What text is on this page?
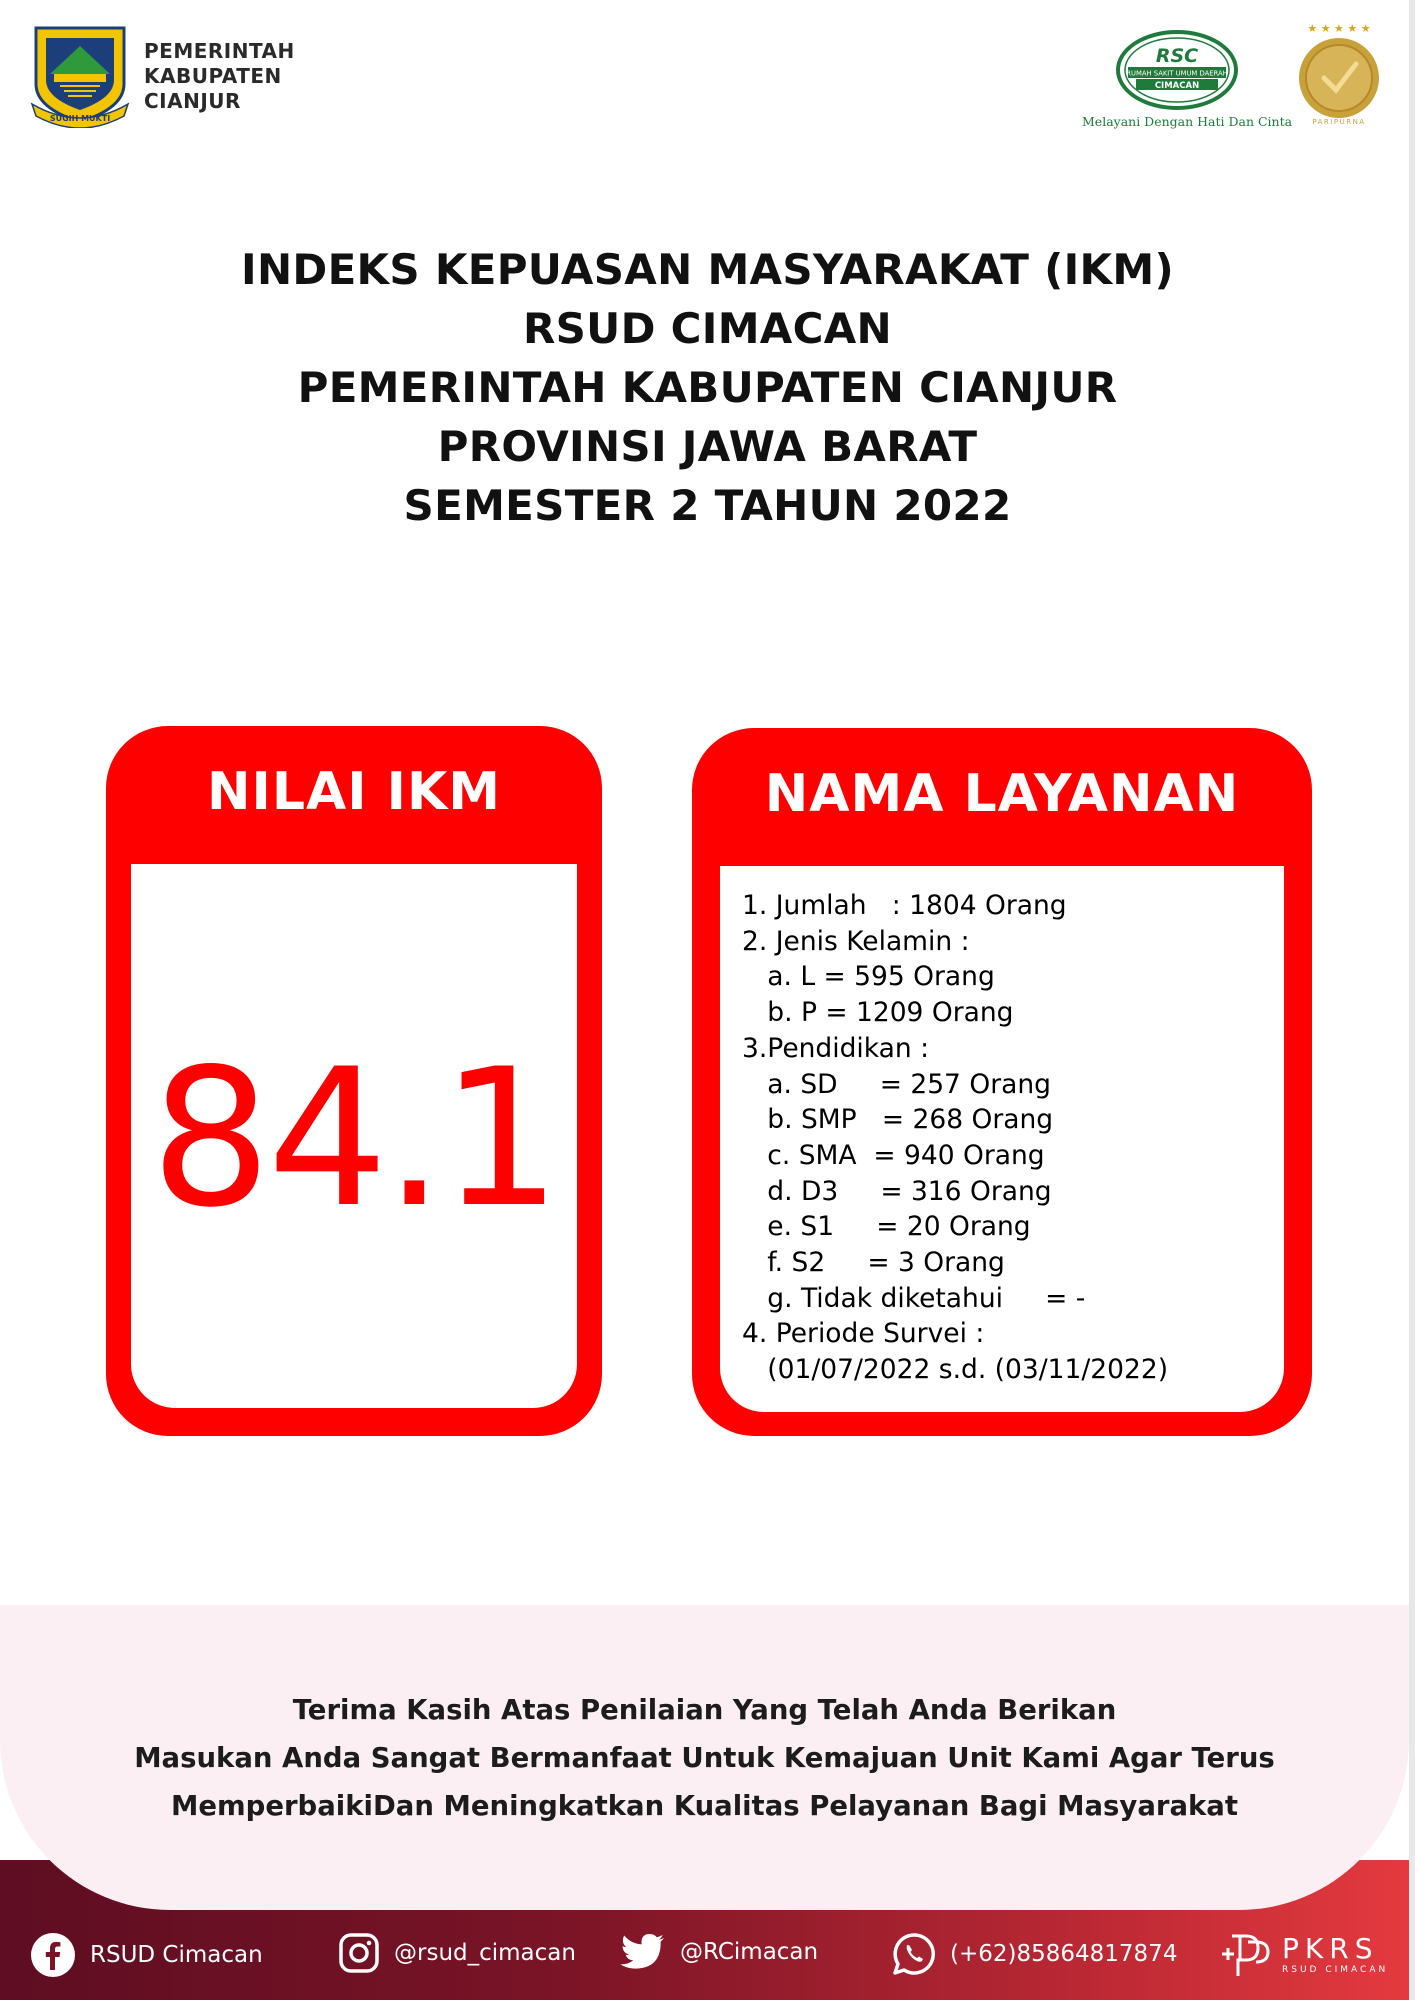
SUGIH MUKTI
PEMERINTAH
KABUPATEN
CIANJUR
RSC
RUMAH SAKIT UMUM DAERAH
CIMACAN
Melayani Dengan Hati Dan Cinta
★ ★ ★ ★ ★
PARIPURNA
INDEKS KEPUASAN MASYARAKAT (IKM)
RSUD CIMACAN
PEMERINTAH KABUPATEN CIANJUR
PROVINSI JAWA BARAT
SEMESTER 2 TAHUN 2022
NILAI IKM
84.1
NAMA LAYANAN
1. Jumlah   : 1804 Orang
2. Jenis Kelamin :
a. L = 595 Orang
b. P = 1209 Orang
3.Pendidikan :
a. SD     = 257 Orang
b. SMP   = 268 Orang
c. SMA  = 940 Orang
d. D3     = 316 Orang
e. S1     = 20 Orang
f. S2     = 3 Orang
g. Tidak diketahui     = -
4. Periode Survei :
(01/07/2022 s.d. (03/11/2022)
Terima Kasih Atas Penilaian Yang Telah Anda Berikan
Masukan Anda Sangat Bermanfaat Untuk Kemajuan Unit Kami Agar Terus
MemperbaikiDan Meningkatkan Kualitas Pelayanan Bagi Masyarakat
RSUD Cimacan	@rsud_cimacan	@RCimacan	(+62)85864817874	PKRS
RSUD CIMACAN
